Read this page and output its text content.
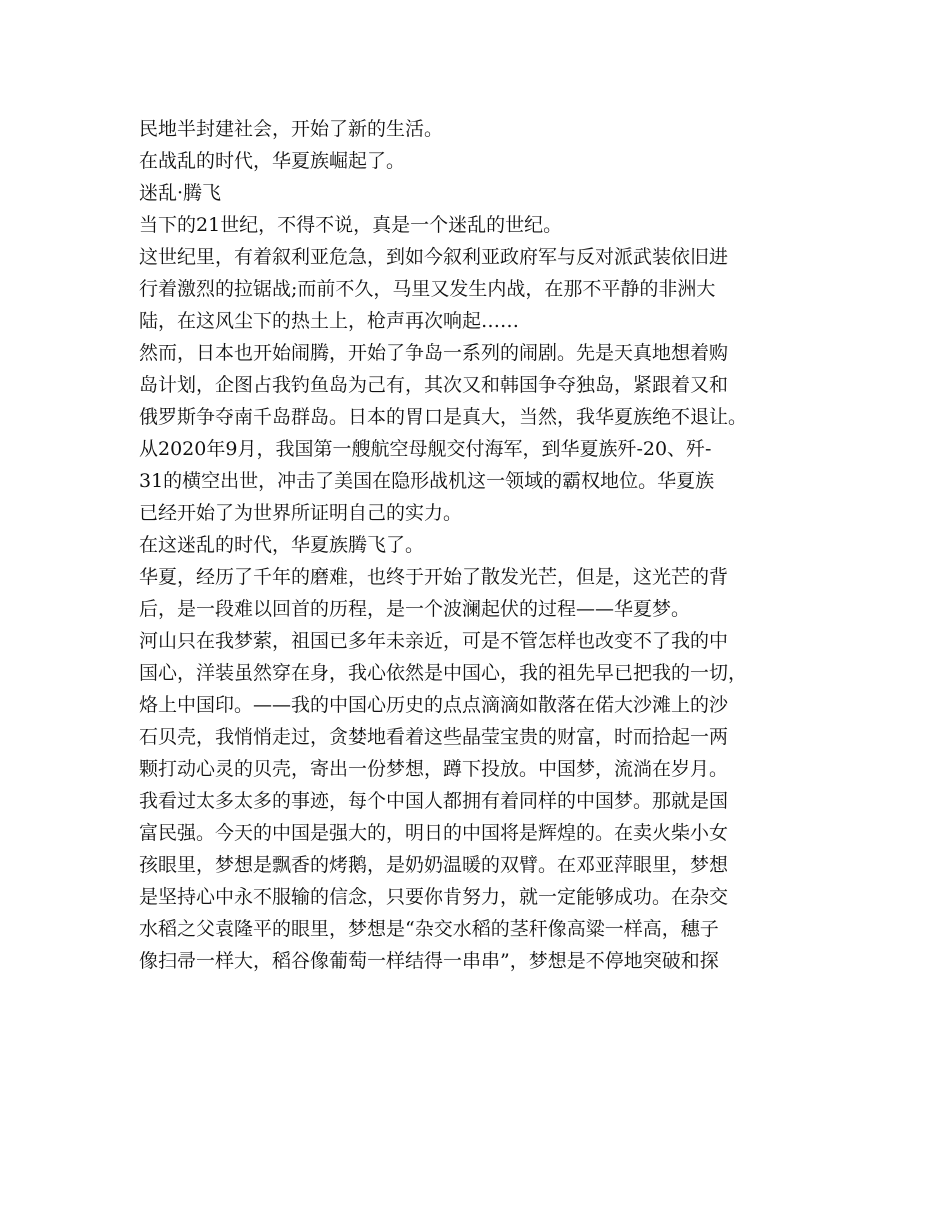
民地半封建社会，开始了新的生活。
在战乱的时代，华夏族崛起了。
迷乱·腾飞
当下的21世纪，不得不说，真是一个迷乱的世纪。
这世纪里，有着叙利亚危急，到如今叙利亚政府军与反对派武装依旧进
行着激烈的拉锯战;而前不久，马里又发生内战，在那不平静的非洲大
陆，在这风尘下的热土上，枪声再次响起……
然而，日本也开始闹腾，开始了争岛一系列的闹剧。先是天真地想着购
岛计划，企图占我钓鱼岛为己有，其次又和韩国争夺独岛，紧跟着又和
俄罗斯争夺南千岛群岛。日本的胃口是真大，当然，我华夏族绝不退让。
从2020年9月，我国第一艘航空母舰交付海军，到华夏族歼-20、歼-
31的横空出世，冲击了美国在隐形战机这一领域的霸权地位。华夏族
已经开始了为世界所证明自己的实力。
在这迷乱的时代，华夏族腾飞了。
华夏，经历了千年的磨难，也终于开始了散发光芒，但是，这光芒的背
后，是一段难以回首的历程，是一个波澜起伏的过程——华夏梦。
河山只在我梦萦，祖国已多年未亲近，可是不管怎样也改变不了我的中
国心，洋装虽然穿在身，我心依然是中国心，我的祖先早已把我的一切，
烙上中国印。——我的中国心历史的点点滴滴如散落在偌大沙滩上的沙
石贝壳，我悄悄走过，贪婪地看着这些晶莹宝贵的财富，时而拾起一两
颗打动心灵的贝壳，寄出一份梦想，蹲下投放。中国梦，流淌在岁月。
我看过太多太多的事迹，每个中国人都拥有着同样的中国梦。那就是国
富民强。今天的中国是强大的，明日的中国将是辉煌的。在卖火柴小女
孩眼里，梦想是飘香的烤鹅，是奶奶温暖的双臂。在邓亚萍眼里，梦想
是坚持心中永不服输的信念，只要你肯努力，就一定能够成功。在杂交
水稻之父袁隆平的眼里，梦想是“杂交水稻的茎秆像高粱一样高，穗子
像扫帚一样大，稻谷像葡萄一样结得一串串”，梦想是不停地突破和探
